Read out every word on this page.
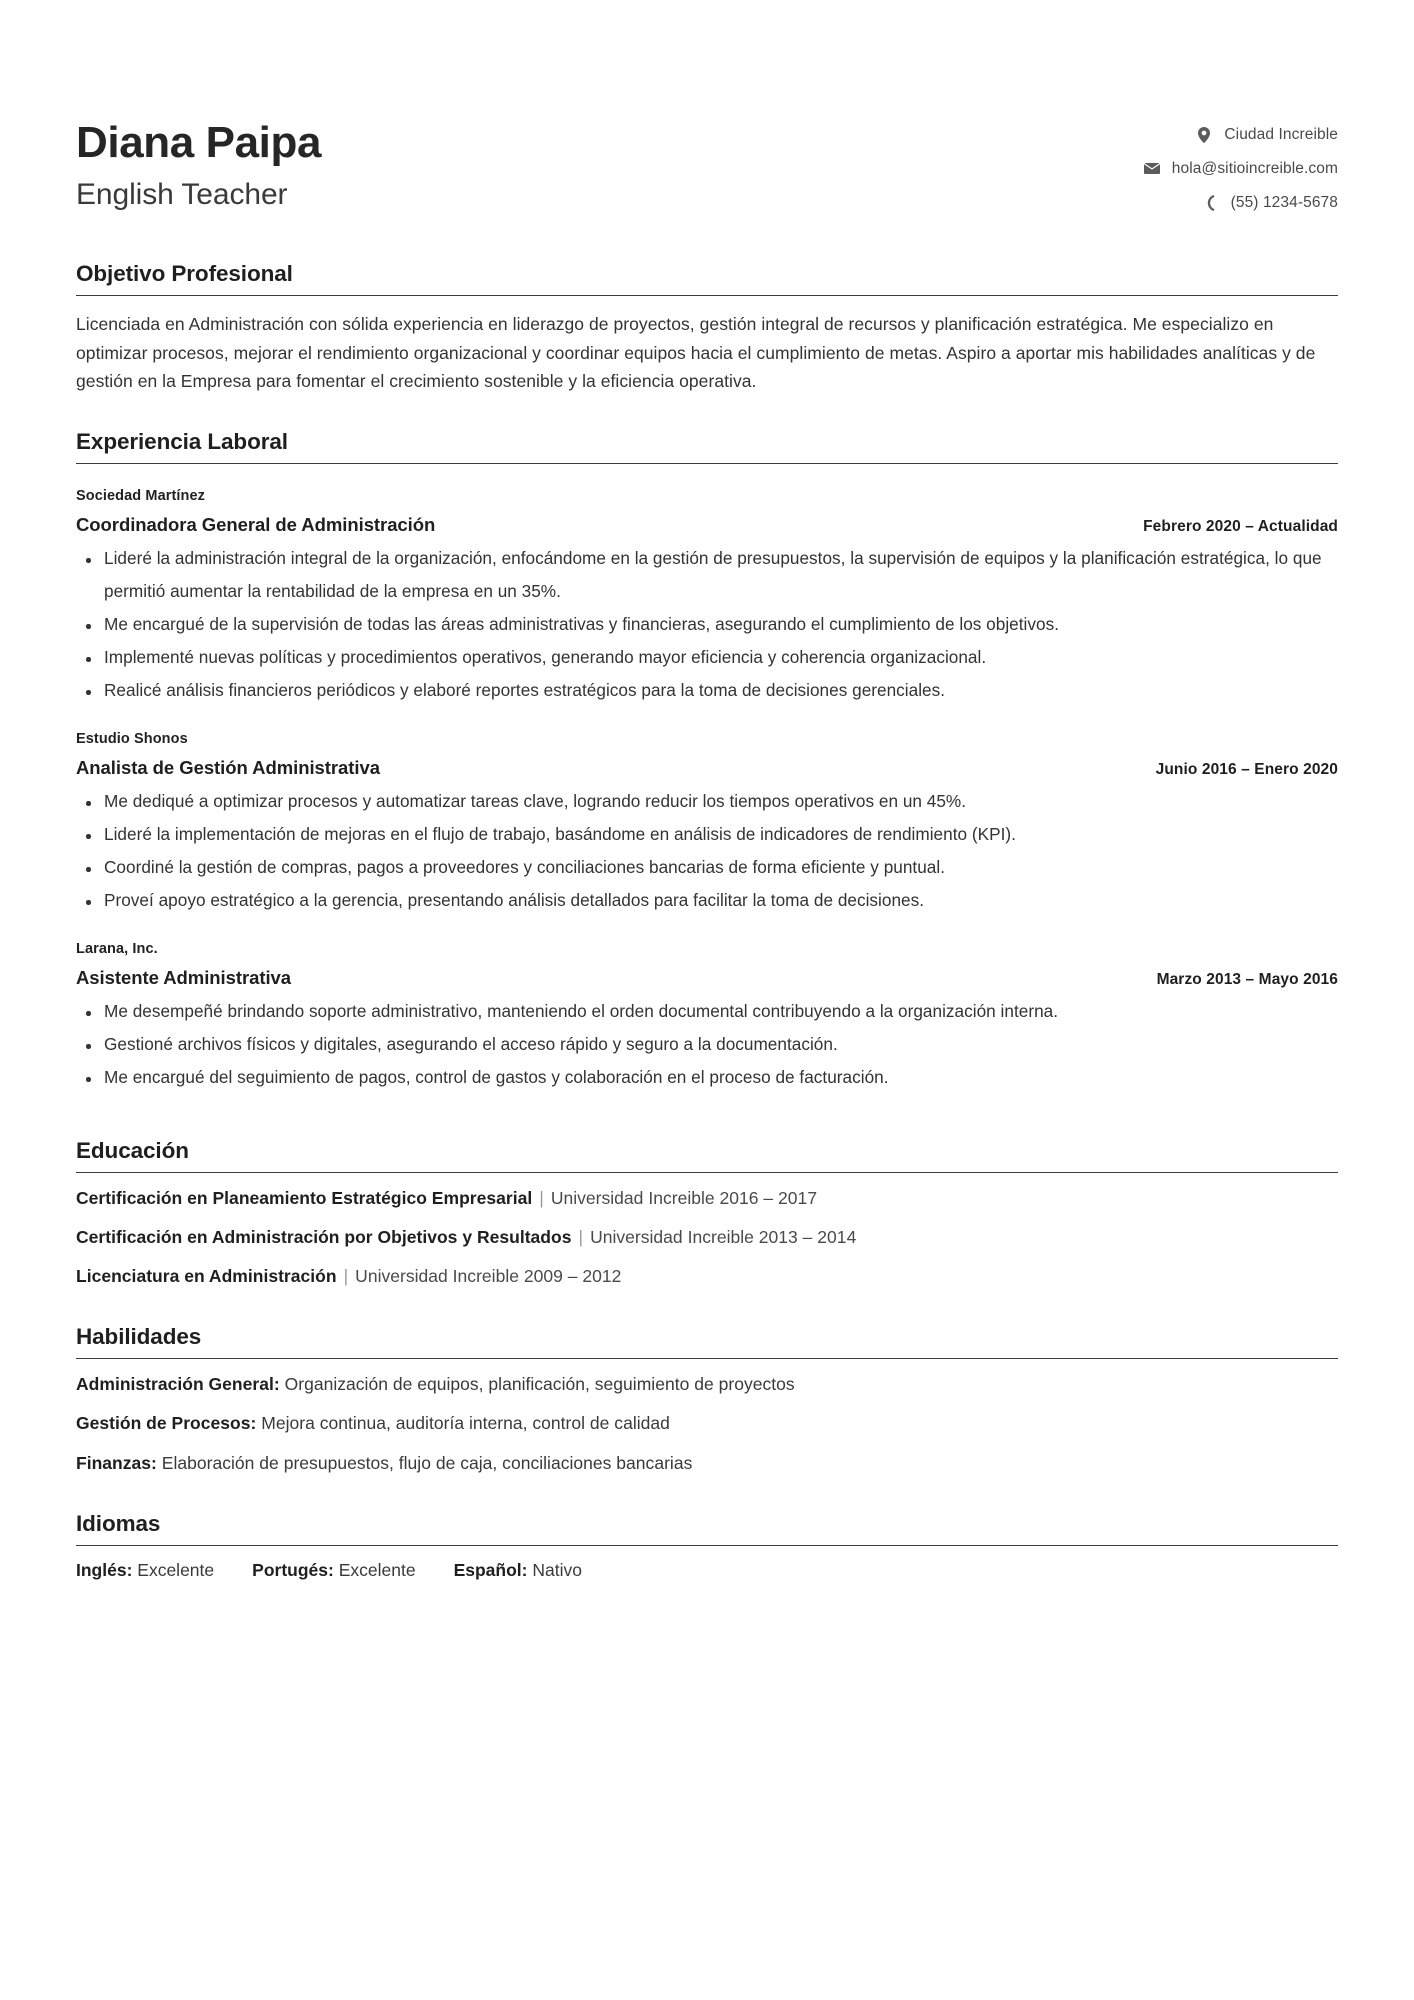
Diana Paipa
English Teacher
Ciudad Increible
hola@sitioincreible.com
(55) 1234-5678
Objetivo Profesional

Licenciada en Administración con sólida experiencia en liderazgo de proyectos, gestión integral de recursos y planificación estratégica. Me especializo en optimizar procesos, mejorar el rendimiento organizacional y coordinar equipos hacia el cumplimiento de metas. Aspiro a aportar mis habilidades analíticas y de gestión en la Empresa para fomentar el crecimiento sostenible y la eficiencia operativa.

Experiencia Laboral
Sociedad Martínez
Coordinadora General de Administración	Febrero 2020 – Actualidad
Lideré la administración integral de la organización, enfocándome en la gestión de presupuestos, la supervisión de equipos y la planificación estratégica, lo que permitió aumentar la rentabilidad de la empresa en un 35%.
Me encargué de la supervisión de todas las áreas administrativas y financieras, asegurando el cumplimiento de los objetivos.
Implementé nuevas políticas y procedimientos operativos, generando mayor eficiencia y coherencia organizacional.
Realicé análisis financieros periódicos y elaboré reportes estratégicos para la toma de decisiones gerenciales.
Estudio Shonos
Analista de Gestión Administrativa	Junio 2016 – Enero 2020
Me dediqué a optimizar procesos y automatizar tareas clave, logrando reducir los tiempos operativos en un 45%.
Lideré la implementación de mejoras en el flujo de trabajo, basándome en análisis de indicadores de rendimiento (KPI).
Coordiné la gestión de compras, pagos a proveedores y conciliaciones bancarias de forma eficiente y puntual.
Proveí apoyo estratégico a la gerencia, presentando análisis detallados para facilitar la toma de decisiones.
Larana, Inc.
Asistente Administrativa	Marzo 2013 – Mayo 2016
Me desempeñé brindando soporte administrativo, manteniendo el orden documental contribuyendo a la organización interna.
Gestioné archivos físicos y digitales, asegurando el acceso rápido y seguro a la documentación.
Me encargué del seguimiento de pagos, control de gastos y colaboración en el proceso de facturación.
Educación
Certificación en Planeamiento Estratégico Empresarial | Universidad Increible 2016 – 2017
Certificación en Administración por Objetivos y Resultados | Universidad Increible 2013 – 2014
Licenciatura en Administración | Universidad Increible 2009 – 2012
Habilidades
Administración General: Organización de equipos, planificación, seguimiento de proyectos
Gestión de Procesos: Mejora continua, auditoría interna, control de calidad
Finanzas: Elaboración de presupuestos, flujo de caja, conciliaciones bancarias
Idiomas
Inglés: Excelente Portugés: Excelente Español: Nativo
